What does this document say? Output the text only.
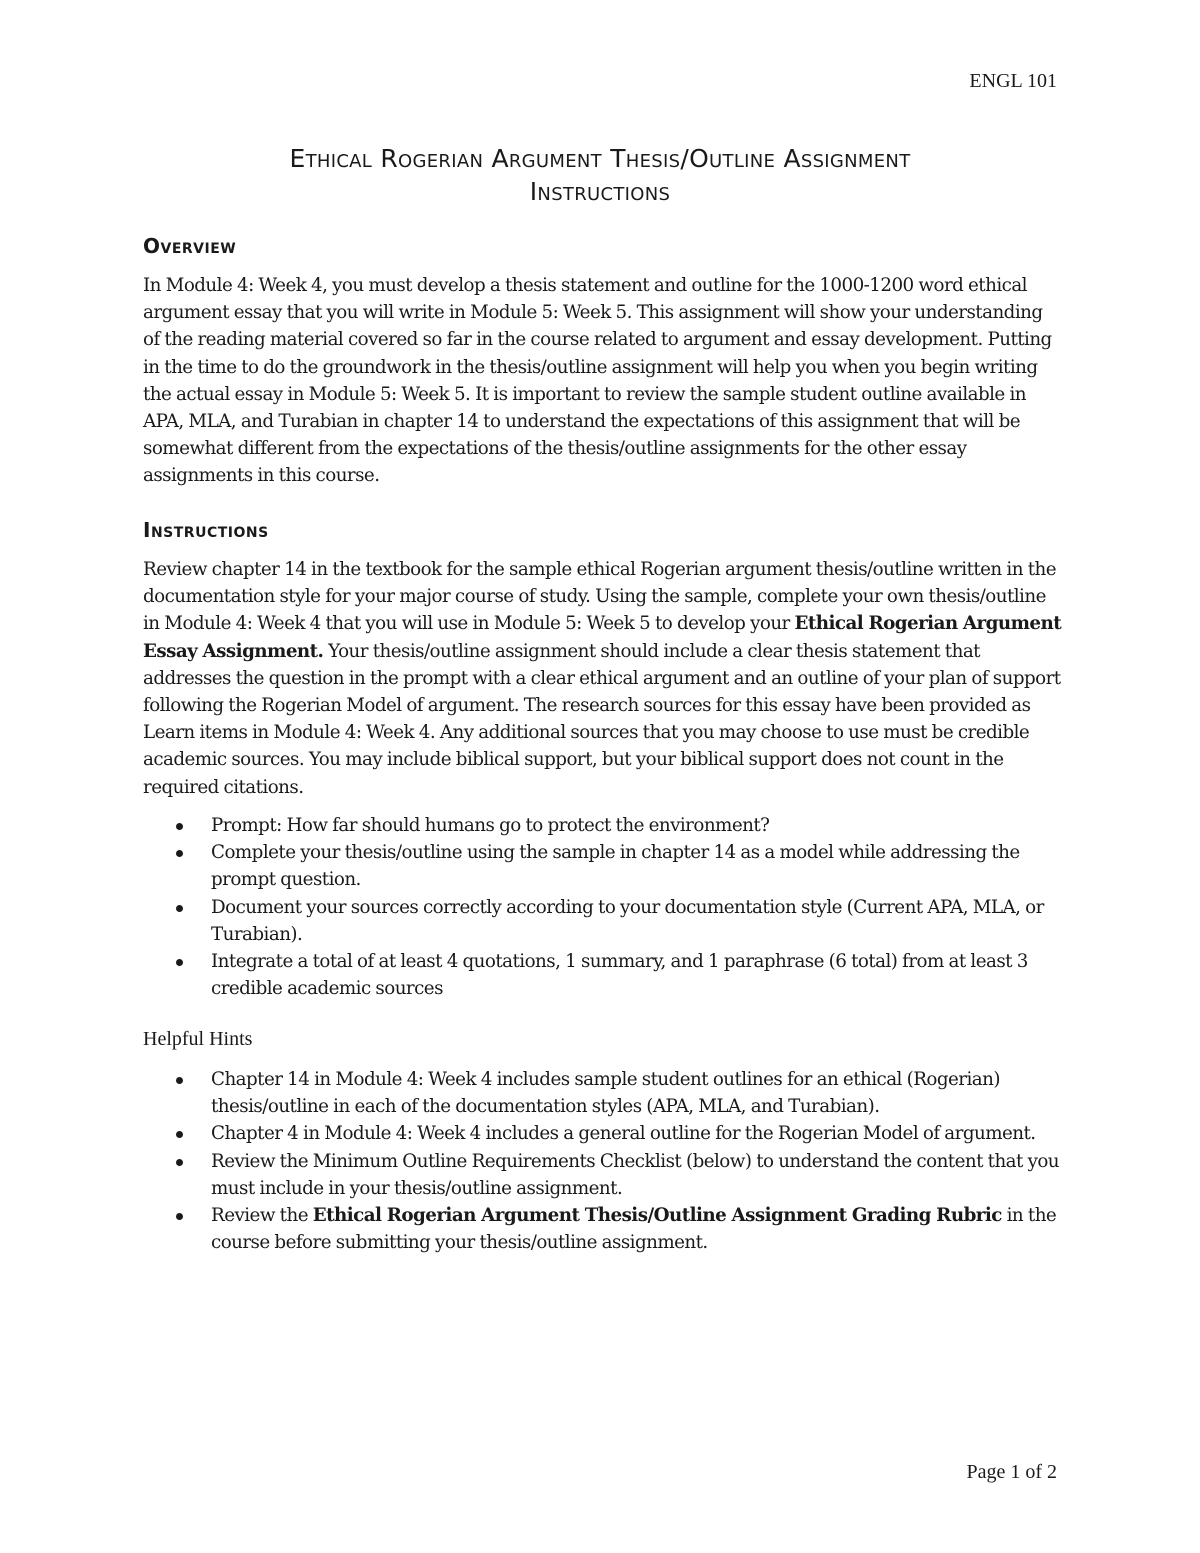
ENGL 101
Ethical Rogerian Argument Thesis/Outline Assignment
Instructions
Overview

In Module 4: Week 4, you must develop a thesis statement and outline for the 1000-1200 word ethical argument essay that you will write in Module 5: Week 5. This assignment will show your understanding of the reading material covered so far in the course related to argument and essay development. Putting in the time to do the groundwork in the thesis/outline assignment will help you when you begin writing the actual essay in Module 5: Week 5. It is important to review the sample student outline available in APA, MLA, and Turabian in chapter 14 to understand the expectations of this assignment that will be somewhat different from the expectations of the thesis/outline assignments for the other essay assignments in this course.

Instructions

Review chapter 14 in the textbook for the sample ethical Rogerian argument thesis/outline written in the documentation style for your major course of study. Using the sample, complete your own thesis/outline in Module 4: Week 4 that you will use in Module 5: Week 5 to develop your Ethical Rogerian Argument Essay Assignment. Your thesis/outline assignment should include a clear thesis statement that addresses the question in the prompt with a clear ethical argument and an outline of your plan of support following the Rogerian Model of argument. The research sources for this essay have been provided as Learn items in Module 4: Week 4. Any additional sources that you may choose to use must be credible academic sources. You may include biblical support, but your biblical support does not count in the required citations.

Prompt: How far should humans go to protect the environment?
Complete your thesis/outline using the sample in chapter 14 as a model while addressing the prompt question.
Document your sources correctly according to your documentation style (Current APA, MLA, or Turabian).
Integrate a total of at least 4 quotations, 1 summary, and 1 paraphrase (6 total) from at least 3 credible academic sources
Helpful Hints
Chapter 14 in Module 4: Week 4 includes sample student outlines for an ethical (Rogerian) thesis/outline in each of the documentation styles (APA, MLA, and Turabian).
Chapter 4 in Module 4: Week 4 includes a general outline for the Rogerian Model of argument.
Review the Minimum Outline Requirements Checklist (below) to understand the content that you must include in your thesis/outline assignment.
Review the Ethical Rogerian Argument Thesis/Outline Assignment Grading Rubric in the course before submitting your thesis/outline assignment.
Page 1 of 2
